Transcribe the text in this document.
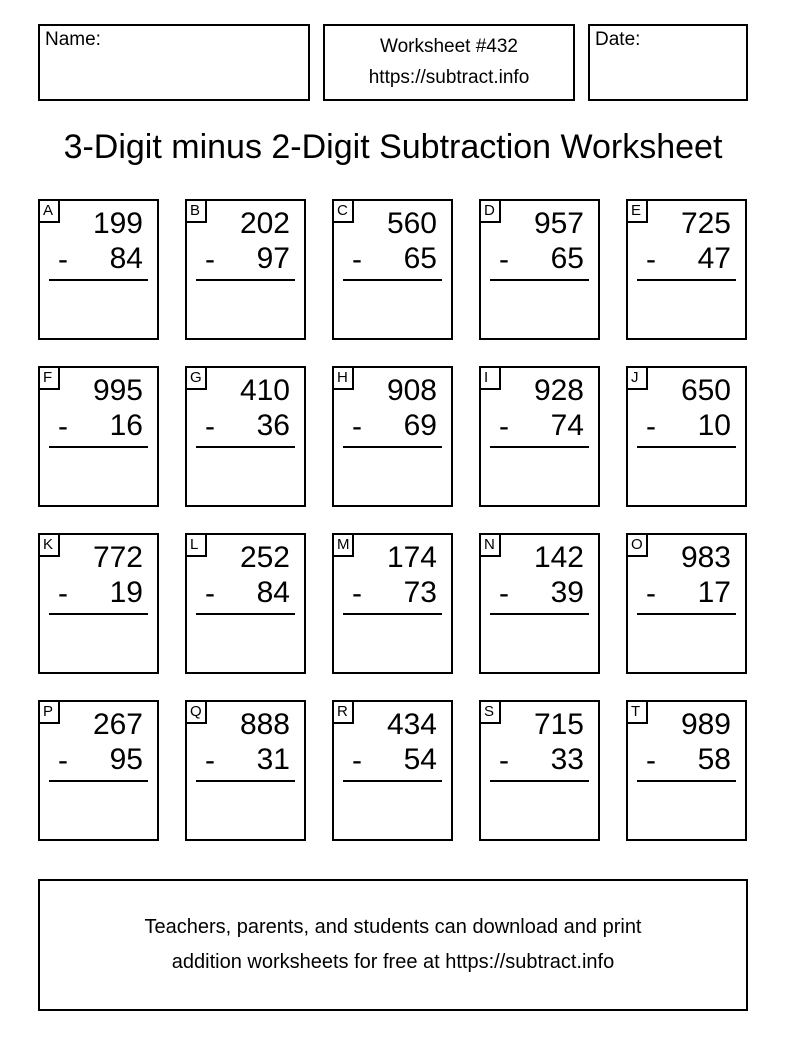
Name:	Worksheet #432
https://subtract.info
Date:
3-Digit minus 2-Digit Subtraction Worksheet
A 199
- 84
B 202
- 97
C 560
- 65
D 957
- 65
E 725
- 47
F 995
- 16
G 410
- 36
H 908
- 69
I	928
- 74
J	650
- 10
K 772
- 19
L 252
- 84
M 174
- 73
N 142
- 39
O 983
- 17
P 267
- 95
Q 888
- 31
R 434
- 54
S 715
- 33
T 989
- 58
Teachers, parents, and students can download and print
addition worksheets for free at https://subtract.info
